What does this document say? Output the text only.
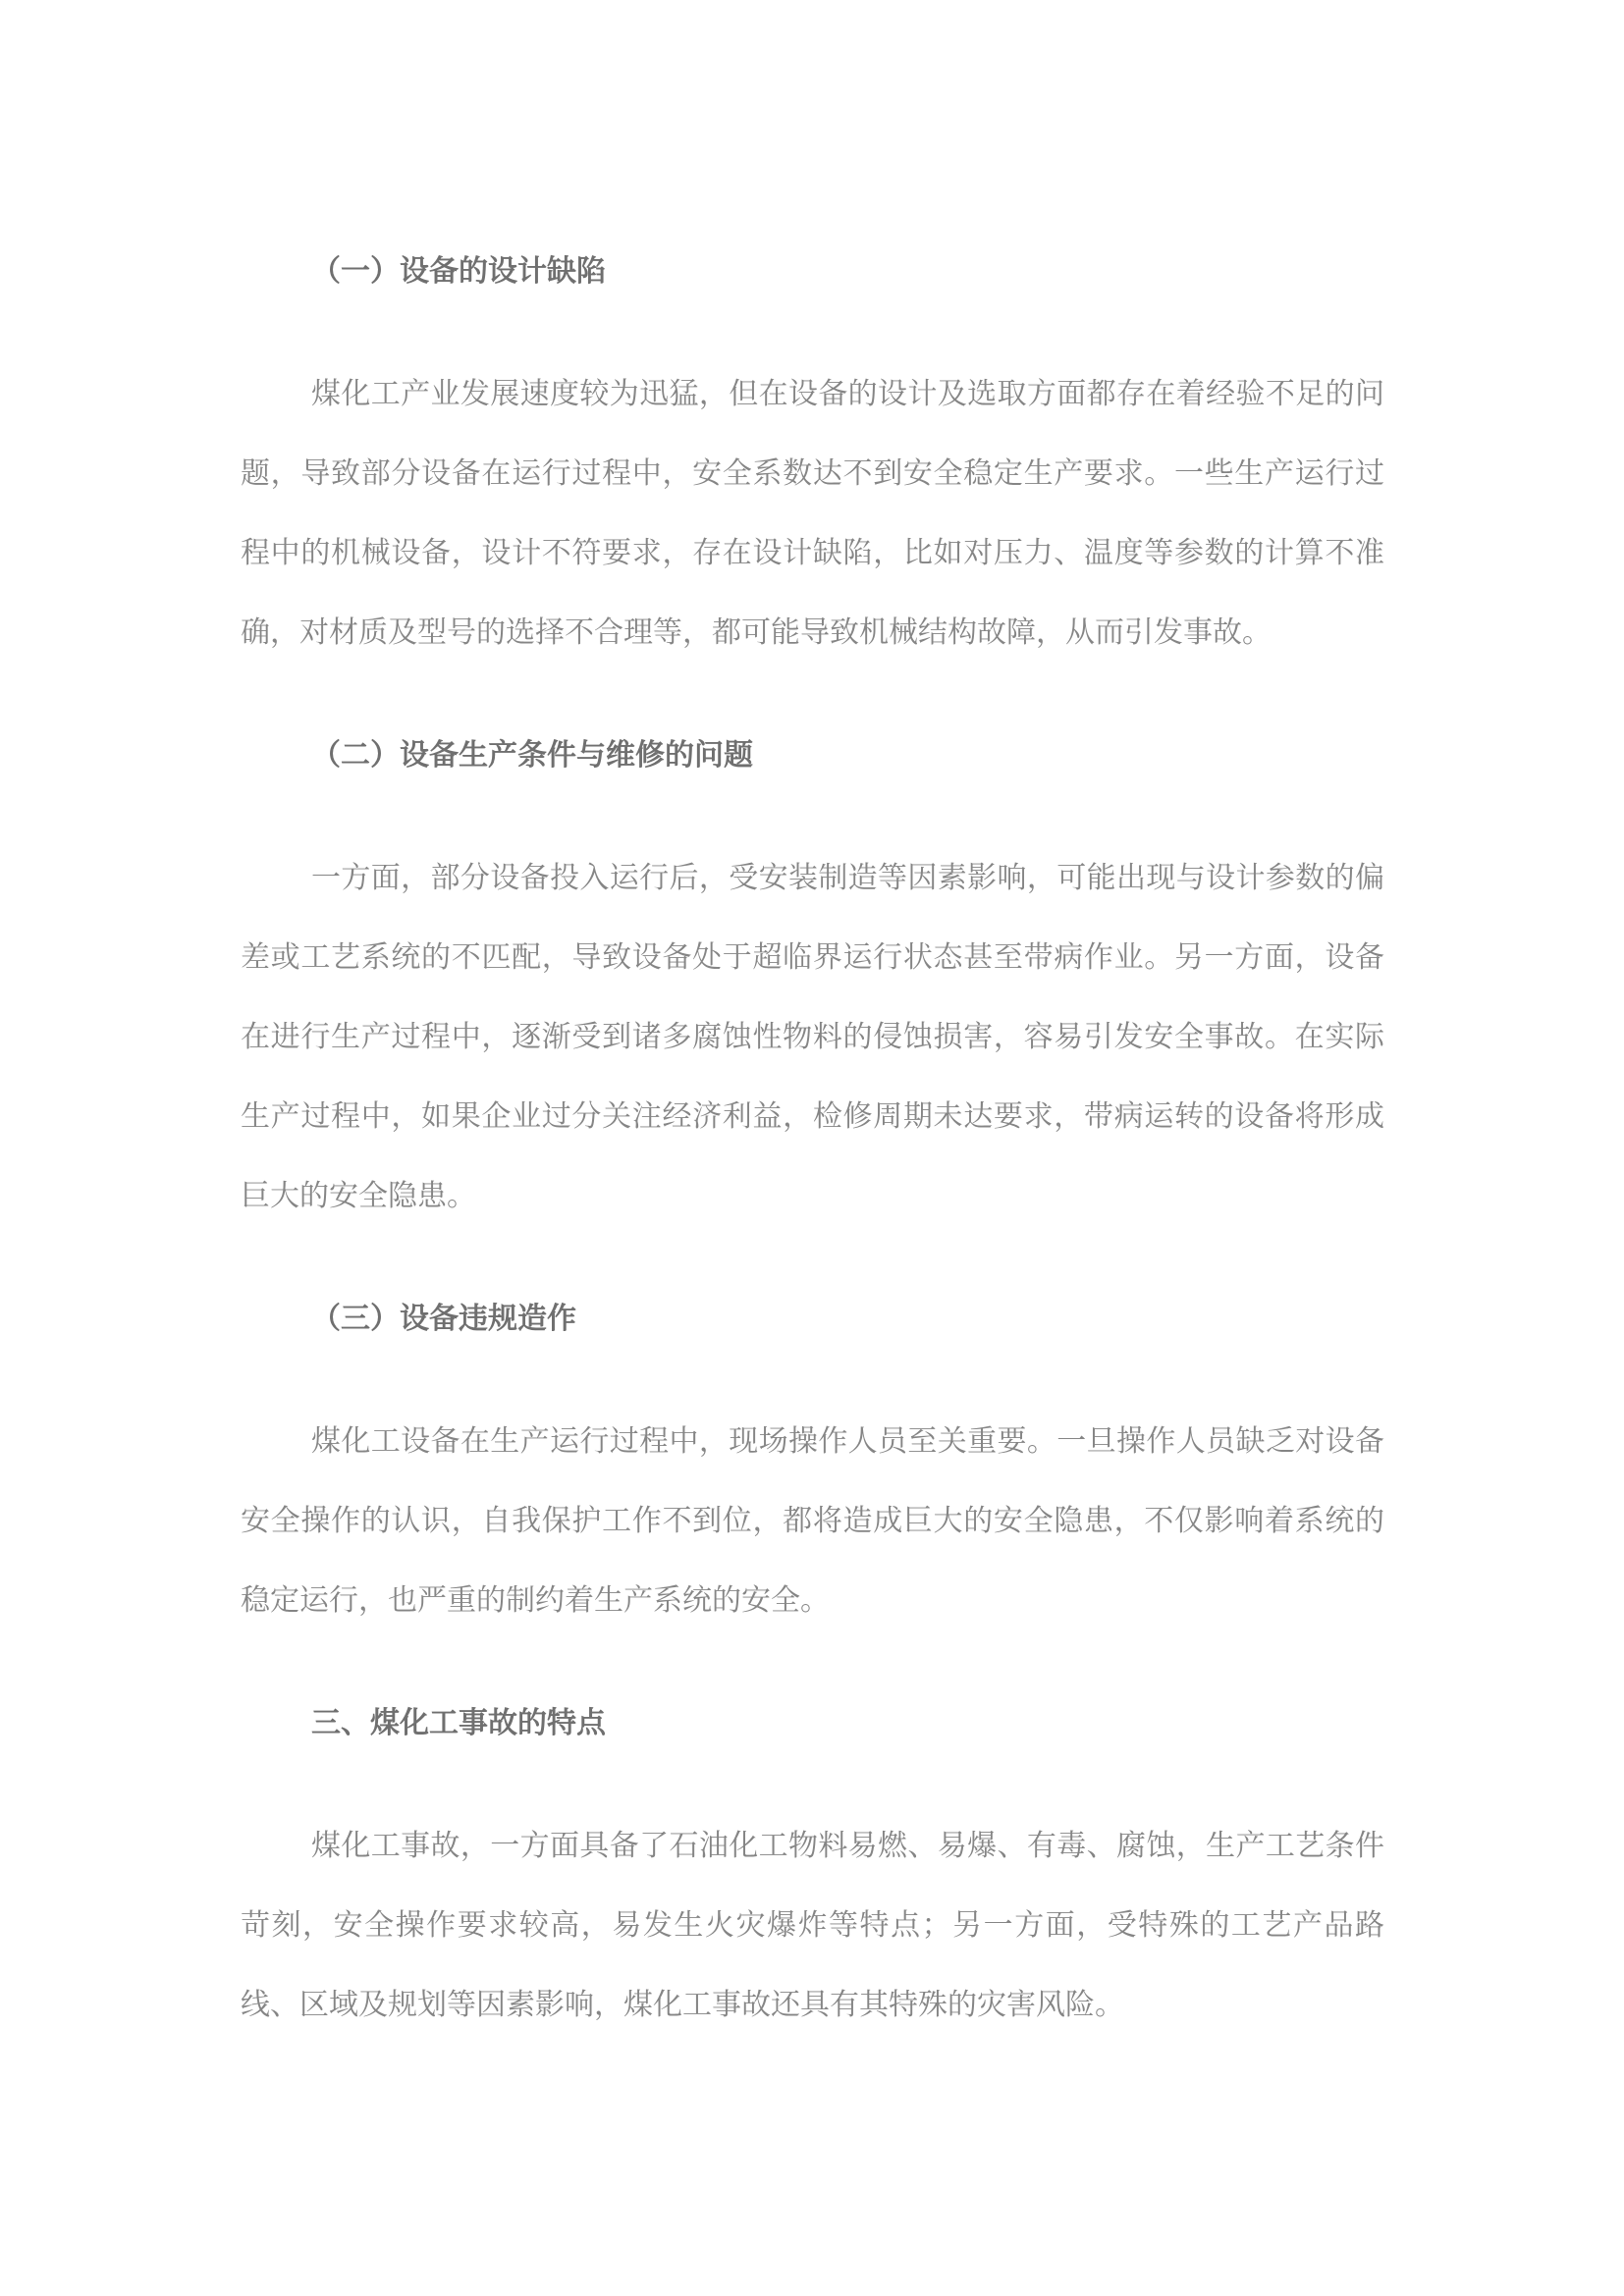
（一）设备的设计缺陷

煤化工产业发展速度较为迅猛，但在设备的设计及选取方面都存在着经验不足的问题，导致部分设备在运行过程中，安全系数达不到安全稳定生产要求。一些生产运行过程中的机械设备，设计不符要求，存在设计缺陷，比如对压力、温度等参数的计算不准确，对材质及型号的选择不合理等，都可能导致机械结构故障，从而引发事故。

（二）设备生产条件与维修的问题

一方面，部分设备投入运行后，受安装制造等因素影响，可能出现与设计参数的偏差或工艺系统的不匹配，导致设备处于超临界运行状态甚至带病作业。另一方面，设备在进行生产过程中，逐渐受到诸多腐蚀性物料的侵蚀损害，容易引发安全事故。在实际生产过程中，如果企业过分关注经济利益，检修周期未达要求，带病运转的设备将形成巨大的安全隐患。

（三）设备违规造作

煤化工设备在生产运行过程中，现场操作人员至关重要。一旦操作人员缺乏对设备安全操作的认识，自我保护工作不到位，都将造成巨大的安全隐患，不仅影响着系统的稳定运行，也严重的制约着生产系统的安全。

三、煤化工事故的特点

煤化工事故，一方面具备了石油化工物料易燃、易爆、有毒、腐蚀，生产工艺条件苛刻，安全操作要求较高，易发生火灾爆炸等特点；另一方面，受特殊的工艺产品路线、区域及规划等因素影响，煤化工事故还具有其特殊的灾害风险。
